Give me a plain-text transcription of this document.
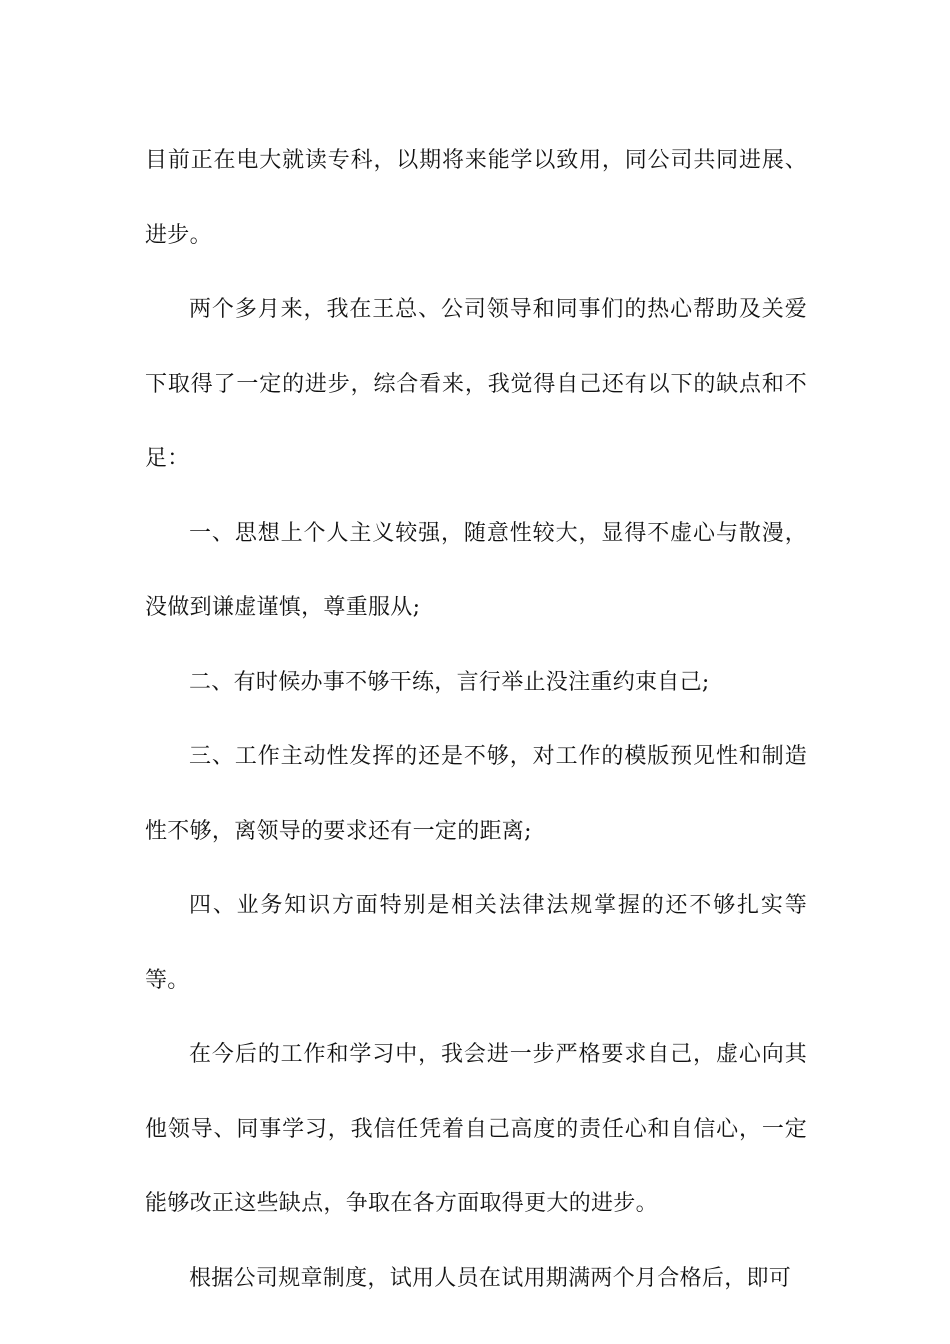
目前正在电大就读专科，以期将来能学以致用，同公司共同进展、进步。

两个多月来，我在王总、公司领导和同事们的热心帮助及关爱下取得了一定的进步，综合看来，我觉得自己还有以下的缺点和不足：

一、思想上个人主义较强，随意性较大，显得不虚心与散漫，没做到谦虚谨慎，尊重服从;

二、有时候办事不够干练，言行举止没注重约束自己;

三、工作主动性发挥的还是不够，对工作的模版预见性和制造性不够，离领导的要求还有一定的距离;

四、业务知识方面特别是相关法律法规掌握的还不够扎实等等。

在今后的工作和学习中，我会进一步严格要求自己，虚心向其他领导、同事学习，我信任凭着自己高度的责任心和自信心，一定能够改正这些缺点，争取在各方面取得更大的进步。

根据公司规章制度，试用人员在试用期满两个月合格后，即可
